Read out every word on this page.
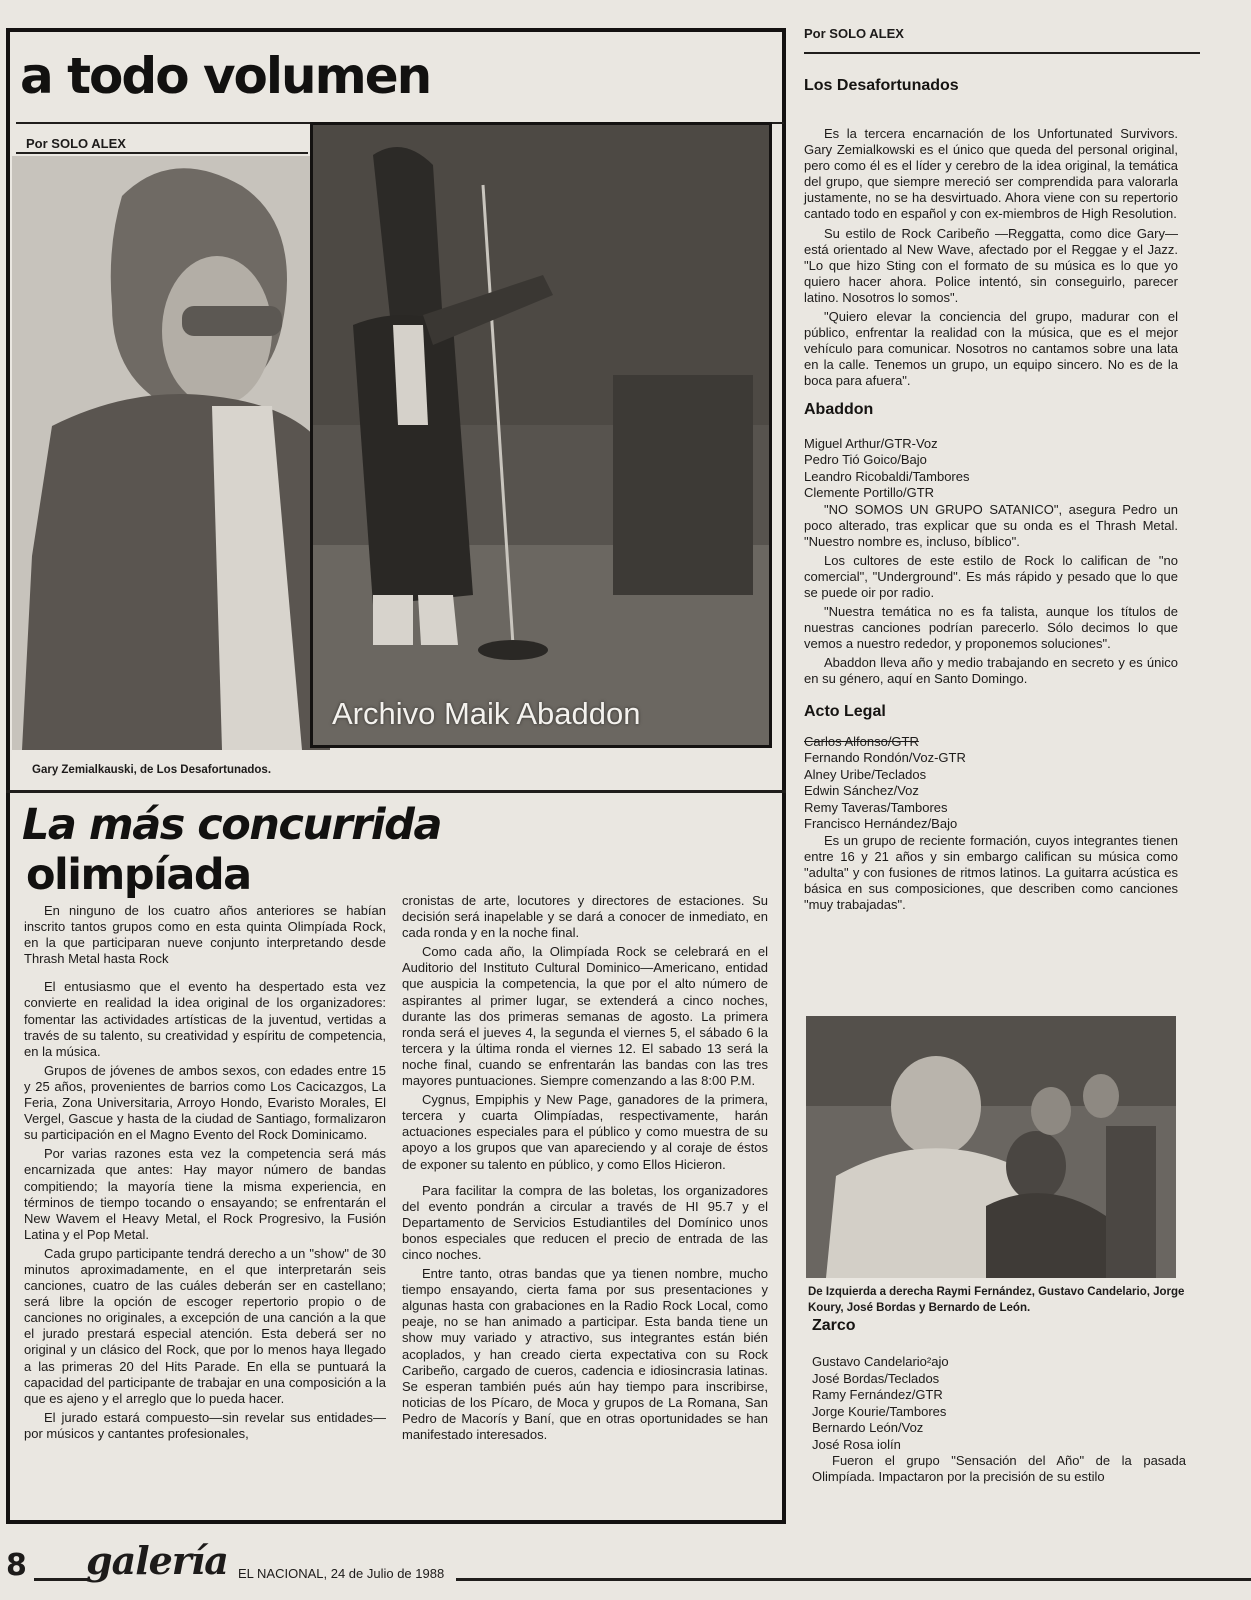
a todo volumen
Por SOLO ALEX
Archivo Maik Abaddon
Gary Zemialkauski, de Los Desafortunados.
La más concurrida
olimpíada

En ninguno de los cuatro años anteriores se habían inscrito tantos grupos como en esta quinta Olimpíada Rock, en la que participaran nueve conjunto interpretando desde Thrash Metal hasta Rock

El entusiasmo que el evento ha despertado esta vez convierte en realidad la idea original de los organizadores: fomentar las actividades artísticas de la juventud, vertidas a través de su talento, su creatividad y espíritu de competencia, en la música.

Grupos de jóvenes de ambos sexos, con edades entre 15 y 25 años, provenientes de barrios como Los Cacicazgos, La Feria, Zona Universitaria, Arroyo Hondo, Evaristo Morales, El Vergel, Gascue y hasta de la ciudad de Santiago, formalizaron su participación en el Magno Evento del Rock Dominicamo.

Por varias razones esta vez la competencia será más encarnizada que antes: Hay mayor número de bandas compitiendo; la mayoría tiene la misma experiencia, en términos de tiempo tocando o ensayando; se enfrentarán el New Wavem el Heavy Metal, el Rock Progresivo, la Fusión Latina y el Pop Metal.

Cada grupo participante tendrá derecho a un "show" de 30 minutos aproximadamente, en el que interpretarán seis canciones, cuatro de las cuáles deberán ser en castellano; será libre la opción de escoger repertorio propio o de canciones no originales, a excepción de una canción a la que el jurado prestará especial atención. Esta deberá ser no original y un clásico del Rock, que por lo menos haya llegado a las primeras 20 del Hits Parade. En ella se puntuará la capacidad del participante de trabajar en una composición a la que es ajeno y el arreglo que lo pueda hacer.

El jurado estará compuesto—sin revelar sus entidades— por músicos y cantantes profesionales,

cronistas de arte, locutores y directores de estaciones. Su decisión será inapelable y se dará a conocer de inmediato, en cada ronda y en la noche final.

Como cada año, la Olimpíada Rock se celebrará en el Auditorio del Instituto Cultural Dominico—Americano, entidad que auspicia la competencia, la que por el alto número de aspirantes al primer lugar, se extenderá a cinco noches, durante las dos primeras semanas de agosto. La primera ronda será el jueves 4, la segunda el viernes 5, el sábado 6 la tercera y la última ronda el viernes 12. El sabado 13 será la noche final, cuando se enfrentarán las bandas con las tres mayores puntuaciones. Siempre comenzando a las 8:00 P.M.

Cygnus, Empiphis y New Page, ganadores de la primera, tercera y cuarta Olimpíadas, respectivamente, harán actuaciones especiales para el público y como muestra de su apoyo a los grupos que van apareciendo y al coraje de éstos de exponer su talento en público, y como Ellos Hicieron.

Para facilitar la compra de las boletas, los organizadores del evento pondrán a circular a través de HI 95.7 y el Departamento de Servicios Estudiantiles del Domínico unos bonos especiales que reducen el precio de entrada de las cinco noches.

Entre tanto, otras bandas que ya tienen nombre, mucho tiempo ensayando, cierta fama por sus presentaciones y algunas hasta con grabaciones en la Radio Rock Local, como peaje, no se han animado a participar. Esta banda tiene un show muy variado y atractivo, sus integrantes están bién acoplados, y han creado cierta expectativa con su Rock Caribeño, cargado de cueros, cadencia e idiosincrasia latinas. Se esperan también pués aún hay tiempo para inscribirse, noticias de los Pícaro, de Moca y grupos de La Romana, San Pedro de Macorís y Baní, que en otras oportunidades se han manifestado interesados.

Por SOLO ALEX
Los Desafortunados

Es la tercera encarnación de los Unfortunated Survivors. Gary Zemialkowski es el único que queda del personal original, pero como él es el líder y cerebro de la idea original, la temática del grupo, que siempre mereció ser comprendida para valorarla justamente, no se ha desvirtuado. Ahora viene con su repertorio cantado todo en español y con ex-miembros de High Resolution.

Su estilo de Rock Caribeño —Reggatta, como dice Gary— está orientado al New Wave, afectado por el Reggae y el Jazz. "Lo que hizo Sting con el formato de su música es lo que yo quiero hacer ahora. Police intentó, sin conseguirlo, parecer latino. Nosotros lo somos".

"Quiero elevar la conciencia del grupo, madurar con el público, enfrentar la realidad con la música, que es el mejor vehículo para comunicar. Nosotros no cantamos sobre una lata en la calle. Tenemos un grupo, un equipo sincero. No es de la boca para afuera".

Abaddon
Miguel Arthur/GTR-Voz
Pedro Tió Goico/Bajo
Leandro Ricobaldi/Tambores
Clemente Portillo/GTR

"NO SOMOS UN GRUPO SATANICO", asegura Pedro un poco alterado, tras explicar que su onda es el Thrash Metal. "Nuestro nombre es, incluso, bíblico".

Los cultores de este estilo de Rock lo califican de "no comercial", "Underground". Es más rápido y pesado que lo que se puede oir por radio.

"Nuestra temática no es fa talista, aunque los títulos de nuestras canciones podrían parecerlo. Sólo decimos lo que vemos a nuestro rededor, y proponemos soluciones".

Abaddon lleva año y medio trabajando en secreto y es único en su género, aquí en Santo Domingo.

Acto Legal
Carlos Alfonso/GTR
Fernando Rondón/Voz-GTR
Alney Uribe/Teclados
Edwin Sánchez/Voz
Remy Taveras/Tambores
Francisco Hernández/Bajo

Es un grupo de reciente formación, cuyos integrantes tienen entre 16 y 21 años y sin embargo califican su música como "adulta" y con fusiones de ritmos latinos. La guitarra acústica es básica en sus composiciones, que describen como canciones "muy trabajadas".

De Izquierda a derecha Raymi Fernández, Gustavo Candelario, Jorge Koury, José Bordas y Bernardo de León.
Zarco
Gustavo Candelario²ajo
José Bordas/Teclados
Ramy Fernández/GTR
Jorge Kourie/Tambores
Bernardo León/Voz
José Rosa iolín

Fueron el grupo "Sensación del Año" de la pasada Olimpíada. Impactaron por la precisión de su estilo

8 galería EL NACIONAL, 24 de Julio de 1988
